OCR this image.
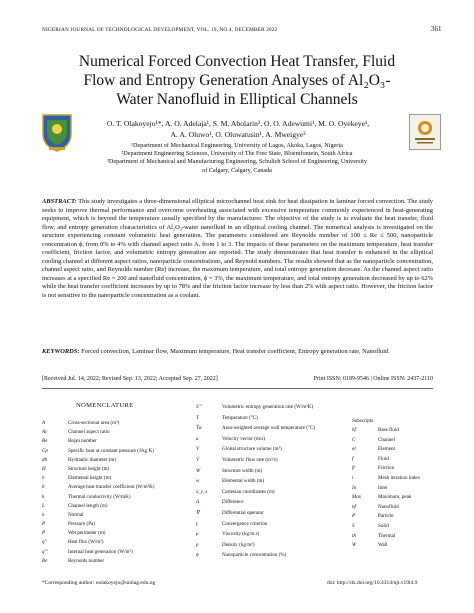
NIGERIAN JOURNAL OF TECHNOLOGICAL DEVELOPMENT, VOL. 19, NO.4, DECEMBER 2022	361
Numerical Forced Convection Heat Transfer, Fluid
Flow and Entropy Generation Analyses of Al₂O₃-
Water Nanofluid in Elliptical Channels
O. T. Olakoyejo¹*, A. O. Adelaja¹, S. M. Abolarin², O. O. Adewumi¹, M. O. Oyekeye¹,
A. A. Oluwo¹, O. Oluwatusin¹, A. Mweigye³
¹Department of Mechanical Engineering, University of Lagos, Akoka, Lagos, Nigeria
²Department Engineering Sciences, University of The Free State, Bloemfontein, South Africa
³Department of Mechanical and Manufacturing Engineering, Schulich School of Engineering, University
of Calgary, Calgary, Canada
ABSTRACT: This study investigates a three-dimensional elliptical microchannel heat sink for heat dissipation in laminar forced convection. The study seeks to improve thermal performance and overcome overheating associated with excessive temperature commonly experienced in heat-generating equipment, which is beyond the temperature usually specified by the manufacturer. The objective of the study is to evaluate the heat transfer, fluid flow, and entropy generation characteristics of Al₂O₃-water nanofluid in an elliptical cooling channel. The numerical analysis is investigated on the structure experiencing constant volumetric heat generation. The parameters considered are Reynolds number of 100 ≤ Re ≤ 500, nanoparticle concentration ϕ, from 0% to 4% with channel aspect ratio Aᵣ from 1 to 3. The impacts of these parameters on the maximum temperature, heat transfer coefficient, friction factor, and volumetric entropy generation are reported. The study demonstrates that heat transfer is enhanced in the elliptical cooling channel at different aspect ratios, nanoparticle concentrations, and Reynold numbers. The results showed that as the nanoparticle concentration, channel aspect ratio, and Reynolds number (Re) increase, the maximum temperature, and total entropy generation decrease. As the channel aspect ratio increases at a specified Re = 200 and nanofluid concentration, ϕ = 3%, the maximum temperature, and total entropy generation decreased by up to 62% while the heat transfer coefficient increases by up to 78% and the friction factor increase by less than 2% with aspect ratio. However, the friction factor is not sensitive to the nanoparticle concentration as a coolant.
KEYWORDS: Forced convection, Laminar flow, Maximum temperature, Heat transfer coefficient, Entropy generation rate, Nanofluid.
[Received Jul. 14, 2022; Revised Sep. 13, 2022; Accepted Sep. 27, 2022]	Print ISSN: 0189-9546 | Online ISSN: 2437-2110
NOMENCLATURE
A	Cross-sectional area (m²)
Ac	Channel aspect ratio
Be	Bejan number
Cp	Specific heat at constant pressure (J/kg K)
dh	Hydraulic diameter (m)
H	Structure height (m)
h	Elemental height (m)
h	Average heat transfer coefficient (W/m²K)
k	Thermal conductivity (W/mK)
L	Channel length (m)
n	Normal
P	Pressure (Pa)
P	Wet perimeter (m)
q''	Heat flux (W/m²)
q'''	Internal heat generation (W/m³)
Re	Reynolds number
S'''	Volumetric entropy generation rate (W/m³K)
T	Temperature (°C)
T̄w	Area-weighted average wall temperature (°C)
u	Velocity vector (m/s)
V	Global structure volume (m³)
V̇	Volumetric flow rate (m³/s)
W	Structure width (m)
w	Elemental width (m)
x, y, z	Cartesian coordinates (m)
Δ	Difference
∇	Differential operator
γ	Convergence criterion
μ	Viscosity (kg/m.s)
ρ	Density (kg/m³)
ϕ	Nanoparticle concentration (%)
Subscripts
bf	Base fluid
C	Channel
el	Element
f	Fluid
fr	Friction
i	Mesh iteration index
In	Inlet
Max	Maximum, peak
nf	Nanofluid
P	Particle
S	Solid
th	Thermal
W	Wall
*Corresponding author: oolakoyejo@unilag.edu.ng	doi: http://dx.doi.org/10.4314/njt.v19i4.9
